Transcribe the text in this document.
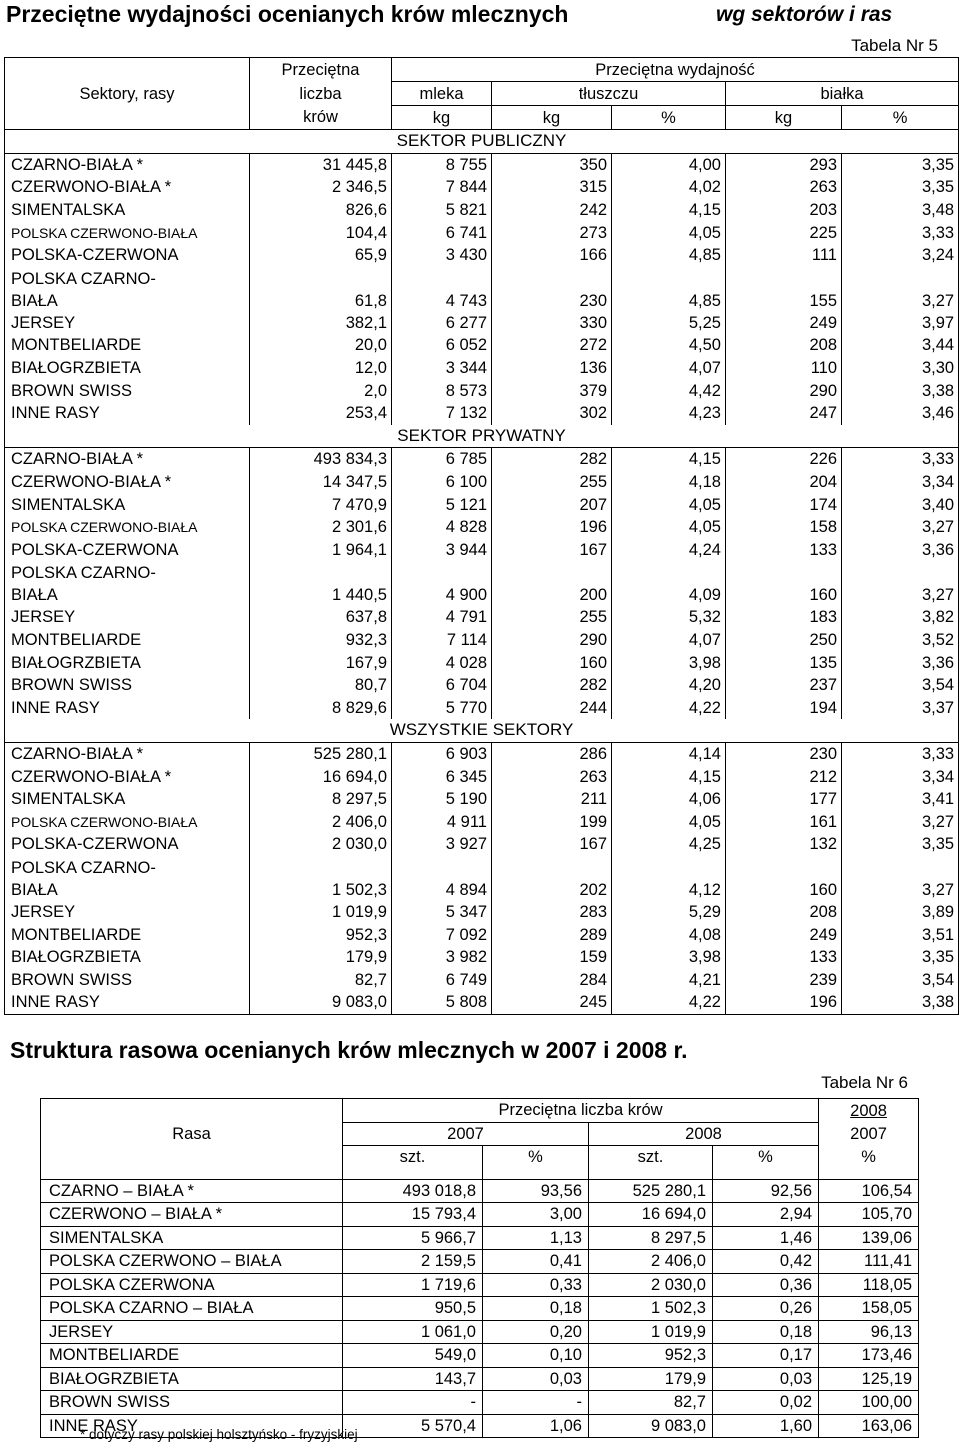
Przeciętne wydajności ocenianych krów mlecznych	wg sektorów i ras
Tabela Nr 5
Sektory, rasy	Przeciętna	Przeciętna wydajność				
	liczba	mleka	tłuszczu		białka	
	krów	kg	kg	%	kg	%
SEKTOR PUBLICZNY						
CZARNO-BIAŁA *	31 445,8	8 755	350	4,00	293	3,35
CZERWONO-BIAŁA *	2 346,5	7 844	315	4,02	263	3,35
SIMENTALSKA	826,6	5 821	242	4,15	203	3,48
POLSKA CZERWONO-BIAŁA	104,4	6 741	273	4,05	225	3,33
POLSKA-CZERWONA	65,9	3 430	166	4,85	111	3,24
POLSKA CZARNO-
BIAŁA	61,8	4 743	230	4,85	155	3,27
JERSEY	382,1	6 277	330	5,25	249	3,97
MONTBELIARDE	20,0	6 052	272	4,50	208	3,44
BIAŁOGRZBIETA	12,0	3 344	136	4,07	110	3,30
BROWN SWISS	2,0	8 573	379	4,42	290	3,38
INNE RASY	253,4	7 132	302	4,23	247	3,46
SEKTOR PRYWATNY						
CZARNO-BIAŁA *	493 834,3	6 785	282	4,15	226	3,33
CZERWONO-BIAŁA *	14 347,5	6 100	255	4,18	204	3,34
SIMENTALSKA	7 470,9	5 121	207	4,05	174	3,40
POLSKA CZERWONO-BIAŁA	2 301,6	4 828	196	4,05	158	3,27
POLSKA-CZERWONA	1 964,1	3 944	167	4,24	133	3,36
POLSKA CZARNO-
BIAŁA	1 440,5	4 900	200	4,09	160	3,27
JERSEY	637,8	4 791	255	5,32	183	3,82
MONTBELIARDE	932,3	7 114	290	4,07	250	3,52
BIAŁOGRZBIETA	167,9	4 028	160	3,98	135	3,36
BROWN SWISS	80,7	6 704	282	4,20	237	3,54
INNE RASY	8 829,6	5 770	244	4,22	194	3,37
WSZYSTKIE SEKTORY						
CZARNO-BIAŁA *	525 280,1	6 903	286	4,14	230	3,33
CZERWONO-BIAŁA *	16 694,0	6 345	263	4,15	212	3,34
SIMENTALSKA	8 297,5	5 190	211	4,06	177	3,41
POLSKA CZERWONO-BIAŁA	2 406,0	4 911	199	4,05	161	3,27
POLSKA-CZERWONA	2 030,0	3 927	167	4,25	132	3,35
POLSKA CZARNO-
BIAŁA	1 502,3	4 894	202	4,12	160	3,27
JERSEY	1 019,9	5 347	283	5,29	208	3,89
MONTBELIARDE	952,3	7 092	289	4,08	249	3,51
BIAŁOGRZBIETA	179,9	3 982	159	3,98	133	3,35
BROWN SWISS	82,7	6 749	284	4,21	239	3,54
INNE RASY	9 083,0	5 808	245	4,22	196	3,38
Struktura rasowa ocenianych krów mlecznych w 2007 i 2008 r.
Tabela Nr 6
Rasa	Przeciętna liczba krów				2008
	2007		2008		2007
	szt.	%	szt.	%	%

CZARNO – BIAŁA *	493 018,8	93,56	525 280,1	92,56	106,54
CZERWONO – BIAŁA *	15 793,4	3,00	16 694,0	2,94	105,70
SIMENTALSKA	5 966,7	1,13	8 297,5	1,46	139,06
POLSKA CZERWONO – BIAŁA	2 159,5	0,41	2 406,0	0,42	111,41
POLSKA CZERWONA	1 719,6	0,33	2 030,0	0,36	118,05
POLSKA CZARNO – BIAŁA	950,5	0,18	1 502,3	0,26	158,05
JERSEY	1 061,0	0,20	1 019,9	0,18	96,13
MONTBELIARDE	549,0	0,10	952,3	0,17	173,46
BIAŁOGRZBIETA	143,7	0,03	179,9	0,03	125,19
BROWN SWISS	-	-	82,7	0,02	100,00
INNE RASY	5 570,4	1,06	9 083,0	1,60	163,06
* dotyczy rasy polskiej holsztyńsko - fryzyjskiej
